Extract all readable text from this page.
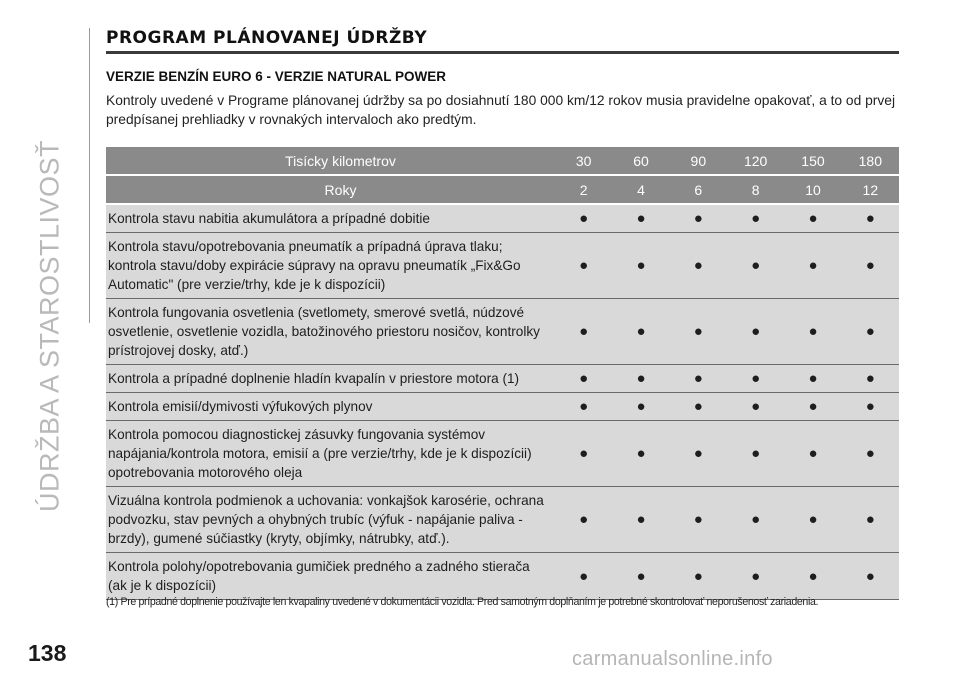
ÚDRŽBA A STAROSTLIVOSŤ
PROGRAM PLÁNOVANEJ ÚDRŽBY
VERZIE BENZÍN EURO 6 - VERZIE NATURAL POWER
Kontroly uvedené v Programe plánovanej údržby sa po dosiahnutí 180 000 km/12 rokov musia pravidelne opakovať, a to od prvej predpísanej prehliadky v rovnakých intervaloch ako predtým.
Tisícky kilometrov	30	60	90	120	150	180
Roky	2	4	6	8	10	12
Kontrola stavu nabitia akumulátora a prípadné dobitie	●	●	●	●	●	●
Kontrola stavu/opotrebovania pneumatík a prípadná úprava tlaku; kontrola stavu/doby expirácie súpravy na opravu pneumatík „Fix&Go Automatic" (pre verzie/trhy, kde je k dispozícii)	●	●	●	●	●	●
Kontrola fungovania osvetlenia (svetlomety, smerové svetlá, núdzové osvetlenie, osvetlenie vozidla, batožinového priestoru nosičov, kontrolky prístrojovej dosky, atď.)	●	●	●	●	●	●
Kontrola a prípadné doplnenie hladín kvapalín v priestore motora (1)	●	●	●	●	●	●
Kontrola emisií/dymivosti výfukových plynov	●	●	●	●	●	●
Kontrola pomocou diagnostickej zásuvky fungovania systémov napájania/kontrola motora, emisií a (pre verzie/trhy, kde je k dispozícii) opotrebovania motorového oleja	●	●	●	●	●	●
Vizuálna kontrola podmienok a uchovania: vonkajšok karosérie, ochrana podvozku, stav pevných a ohybných trubíc (výfuk - napájanie paliva - brzdy), gumené súčiastky (kryty, objímky, nátrubky, atď.).	●	●	●	●	●	●
Kontrola polohy/opotrebovania gumičiek predného a zadného stierača (ak je k dispozícii)	●	●	●	●	●	●
(1) Pre prípadné doplnenie používajte len kvapaliny uvedené v dokumentácii vozidla. Pred samotným doplňaním je potrebné skontrolovať neporušenosť zariadenia.
138	carmanualsonline.info
